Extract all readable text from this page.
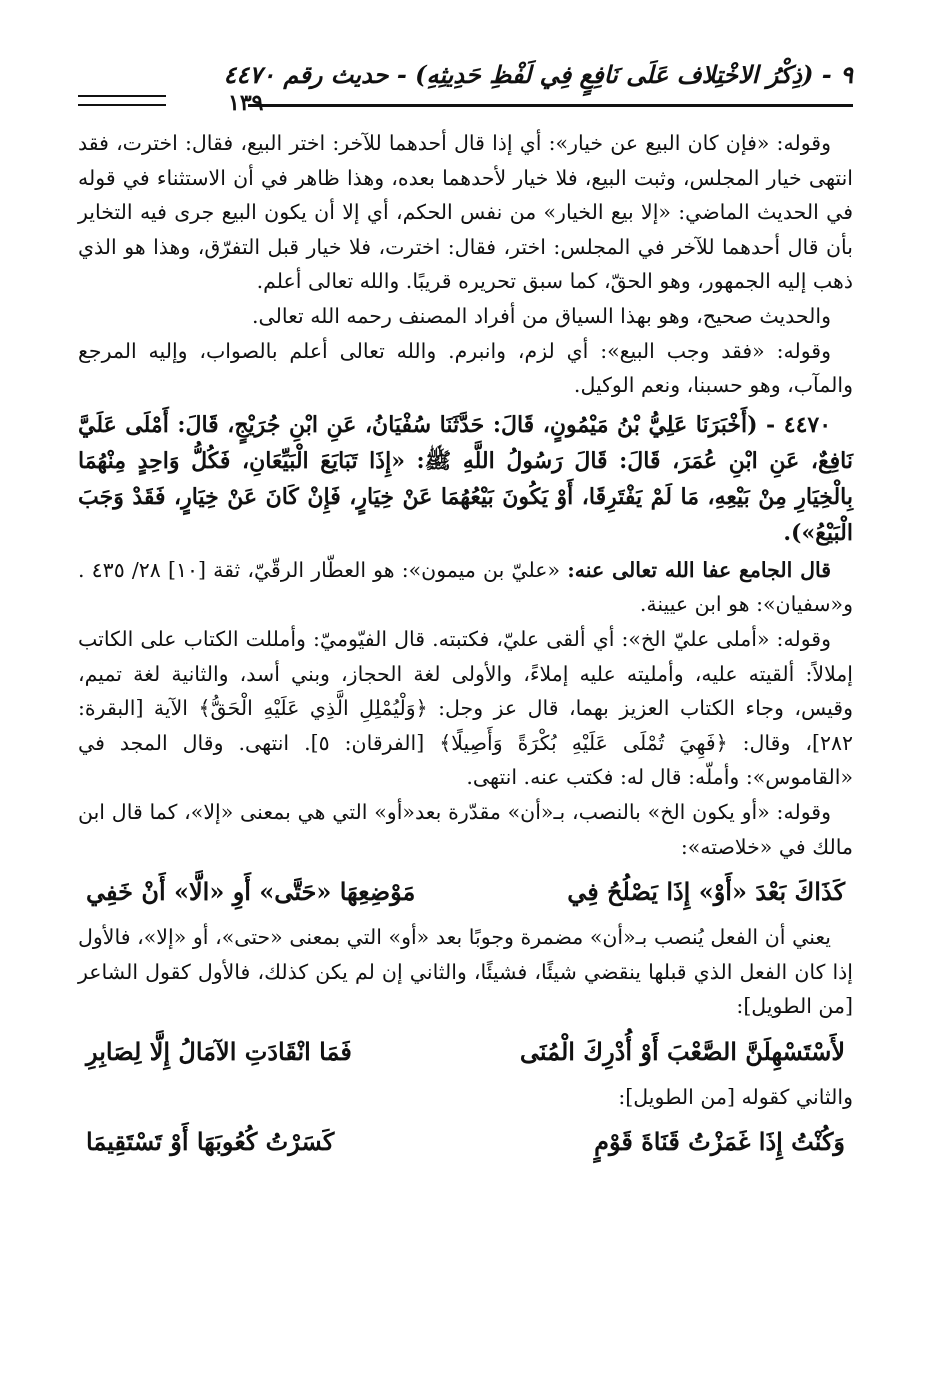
٩ - (ذِكْرُ الاخْتِلاف عَلَى نَافِعٍ فِي لَفْظِ حَدِيثِهِ) - حديث رقم ٤٤٧٠
١٣٩

وقوله: «فإن كان البيع عن خيار»: أي إذا قال أحدهما للآخر: اختر البيع، فقال: اخترت، فقد انتهى خيار المجلس، وثبت البيع، فلا خيار لأحدهما بعده، وهذا ظاهر في أن الاستثناء في قوله في الحديث الماضي: «إلا بيع الخيار» من نفس الحكم، أي إلا أن يكون البيع جرى فيه التخاير بأن قال أحدهما للآخر في المجلس: اختر، فقال: اخترت، فلا خيار قبل التفرّق، وهذا هو الذي ذهب إليه الجمهور، وهو الحقّ، كما سبق تحريره قريبًا. والله تعالى أعلم.

والحديث صحيح، وهو بهذا السياق من أفراد المصنف رحمه الله تعالى.

وقوله: «فقد وجب البيع»: أي لزم، وانبرم. والله تعالى أعلم بالصواب، وإليه المرجع والمآب، وهو حسبنا، ونعم الوكيل.

٤٤٧٠ - (أَخْبَرَنَا عَلِيُّ بْنُ مَيْمُونٍ، قَالَ: حَدَّثَنَا سُفْيَانُ، عَنِ ابْنِ جُرَيْجٍ، قَالَ: أَمْلَى عَلَيَّ نَافِعٌ، عَنِ ابْنِ عُمَرَ، قَالَ: قَالَ رَسُولُ اللَّهِ ﷺ: «إِذَا تَبَايَعَ الْبَيِّعَانِ، فَكُلُّ وَاحِدٍ مِنْهُمَا بِالْخِيَارِ مِنْ بَيْعِهِ، مَا لَمْ يَفْتَرِقَا، أَوْ يَكُونَ بَيْعُهُمَا عَنْ خِيَارٍ، فَإِنْ كَانَ عَنْ خِيَارٍ، فَقَدْ وَجَبَ الْبَيْعُ»).

قال الجامع عفا الله تعالى عنه: «عليّ بن ميمون»: هو العطّار الرقّيّ، ثقة [١٠] ٢٨/ ٤٣٥ . و«سفيان»: هو ابن عيينة.

وقوله: «أملى عليّ الخ»: أي ألقى عليّ، فكتبته. قال الفيّوميّ: وأمللت الكتاب على الكاتب إملالاً: ألقيته عليه، وأمليته عليه إملاءً، والأولى لغة الحجاز، وبني أسد، والثانية لغة تميم، وقيس، وجاء الكتاب العزيز بهما، قال عز وجل: ﴿وَلْيُمْلِلِ الَّذِي عَلَيْهِ الْحَقُّ﴾ الآية [البقرة: ٢٨٢]، وقال: ﴿فَهِيَ تُمْلَى عَلَيْهِ بُكْرَةً وَأَصِيلًا﴾ [الفرقان: ٥]. انتهى. وقال المجد في «القاموس»: وأملّه: قال له: فكتب عنه. انتهى.

وقوله: «أو يكون الخ» بالنصب، بـ«أن» مقدّرة بعد«أو» التي هي بمعنى «إلا»، كما قال ابن مالك في «خلاصته»:

كَذَاكَ بَعْدَ «أَوْ» إِذَا يَصْلُحُ فِي
مَوْضِعِهَا «حَتَّى» أَوِ «الَّا» أَنْ خَفِي

يعني أن الفعل يُنصب بـ«أن» مضمرة وجوبًا بعد «أو» التي بمعنى «حتى»، أو «إلا»، فالأول إذا كان الفعل الذي قبلها ينقضي شيئًا، فشيئًا، والثاني إن لم يكن كذلك، فالأول كقول الشاعر [من الطويل]:

لأَسْتَسْهِلَنَّ الصَّعْبَ أَوْ أُدْرِكَ الْمُنَى
فَمَا انْقَادَتِ الآمَالُ إِلَّا لِصَابِرِ

والثاني كقوله [من الطويل]:

وَكُنْتُ إِذَا غَمَزْتُ قَنَاةَ قَوْمٍ
كَسَرْتُ كُعُوبَهَا أَوْ تَسْتَقِيمَا
